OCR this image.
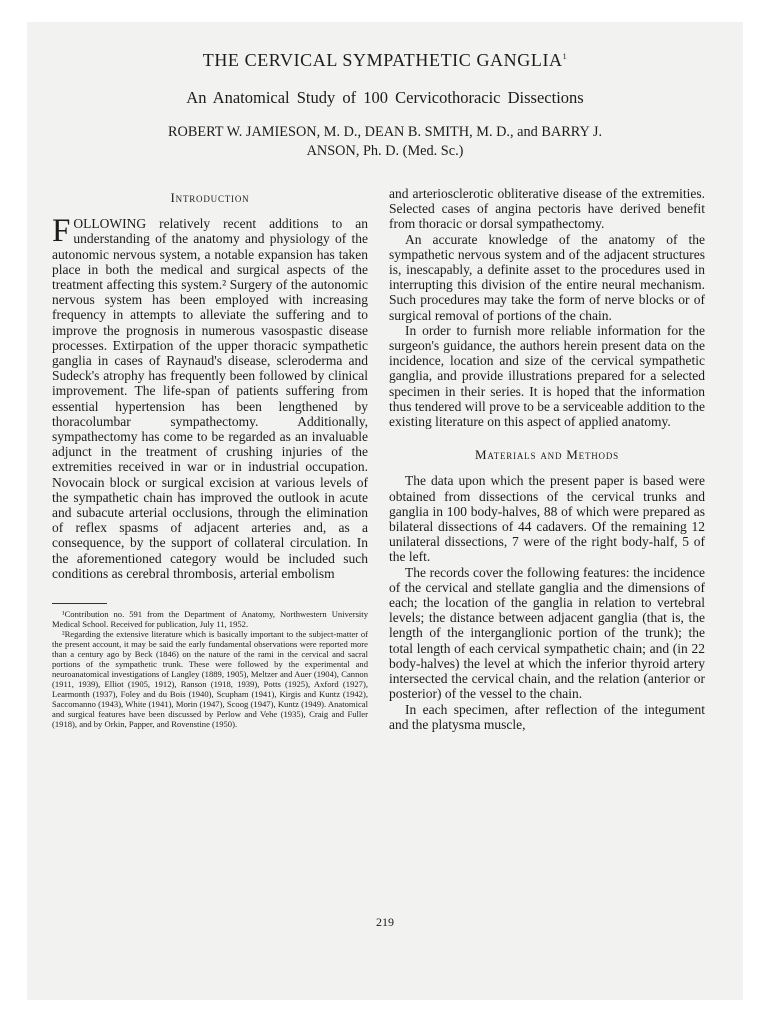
THE CERVICAL SYMPATHETIC GANGLIA$^1$
An Anatomical Study of 100 Cervicothoracic Dissections
ROBERT W. JAMIESON, M. D., DEAN B. SMITH, M. D., and BARRY J.
ANSON, Ph. D. (Med. Sc.)
Introduction

FOLLOWING relatively recent additions to an understanding of the anatomy and physiology of the autonomic nervous system, a notable expansion has taken place in both the medical and surgical aspects of the treatment affecting this system.² Surgery of the autonomic nervous system has been employed with increasing frequency in attempts to alleviate the suffering and to improve the prognosis in numerous vasospastic disease processes. Extirpation of the upper thoracic sympathetic ganglia in cases of Raynaud's disease, scleroderma and Sudeck's atrophy has frequently been followed by clinical improvement. The life-span of patients suffering from essential hypertension has been lengthened by thoracolumbar sympathectomy. Additionally, sympathectomy has come to be regarded as an invaluable adjunct in the treatment of crushing injuries of the extremities received in war or in industrial occupation. Novocain block or surgical excision at various levels of the sympathetic chain has improved the outlook in acute and subacute arterial occlusions, through the elimination of reflex spasms of adjacent arteries and, as a consequence, by the support of collateral circulation. In the aforementioned category would be included such conditions as cerebral thrombosis, arterial embolism

¹Contribution no. 591 from the Department of Anatomy, Northwestern University Medical School. Received for publication, July 11, 1952.

²Regarding the extensive literature which is basically important to the subject-matter of the present account, it may be said the early fundamental observations were reported more than a century ago by Beck (1846) on the nature of the rami in the cervical and sacral portions of the sympathetic trunk. These were followed by the experimental and neuroanatomical investigations of Langley (1889, 1905), Meltzer and Auer (1904), Cannon (1911, 1939), Elliot (1905, 1912), Ranson (1918, 1939), Potts (1925), Axford (1927), Learmonth (1937), Foley and du Bois (1940), Scupham (1941), Kirgis and Kuntz (1942), Saccomanno (1943), White (1941), Morin (1947), Scoog (1947), Kuntz (1949). Anatomical and surgical features have been discussed by Perlow and Vehe (1935), Craig and Fuller (1918), and by Orkin, Papper, and Rovenstine (1950).

and arteriosclerotic obliterative disease of the extremities. Selected cases of angina pectoris have derived benefit from thoracic or dorsal sympathectomy.

An accurate knowledge of the anatomy of the sympathetic nervous system and of the adjacent structures is, inescapably, a definite asset to the procedures used in interrupting this division of the entire neural mechanism. Such procedures may take the form of nerve blocks or of surgical removal of portions of the chain.

In order to furnish more reliable information for the surgeon's guidance, the authors herein present data on the incidence, location and size of the cervical sympathetic ganglia, and provide illustrations prepared for a selected specimen in their series. It is hoped that the information thus tendered will prove to be a serviceable addition to the existing literature on this aspect of applied anatomy.

Materials and Methods

The data upon which the present paper is based were obtained from dissections of the cervical trunks and ganglia in 100 body-halves, 88 of which were prepared as bilateral dissections of 44 cadavers. Of the remaining 12 unilateral dissections, 7 were of the right body-half, 5 of the left.

The records cover the following features: the incidence of the cervical and stellate ganglia and the dimensions of each; the location of the ganglia in relation to vertebral levels; the distance between adjacent ganglia (that is, the length of the interganglionic portion of the trunk); the total length of each cervical sympathetic chain; and (in 22 body-halves) the level at which the inferior thyroid artery intersected the cervical chain, and the relation (anterior or posterior) of the vessel to the chain.

In each specimen, after reflection of the integument and the platysma muscle,

219
